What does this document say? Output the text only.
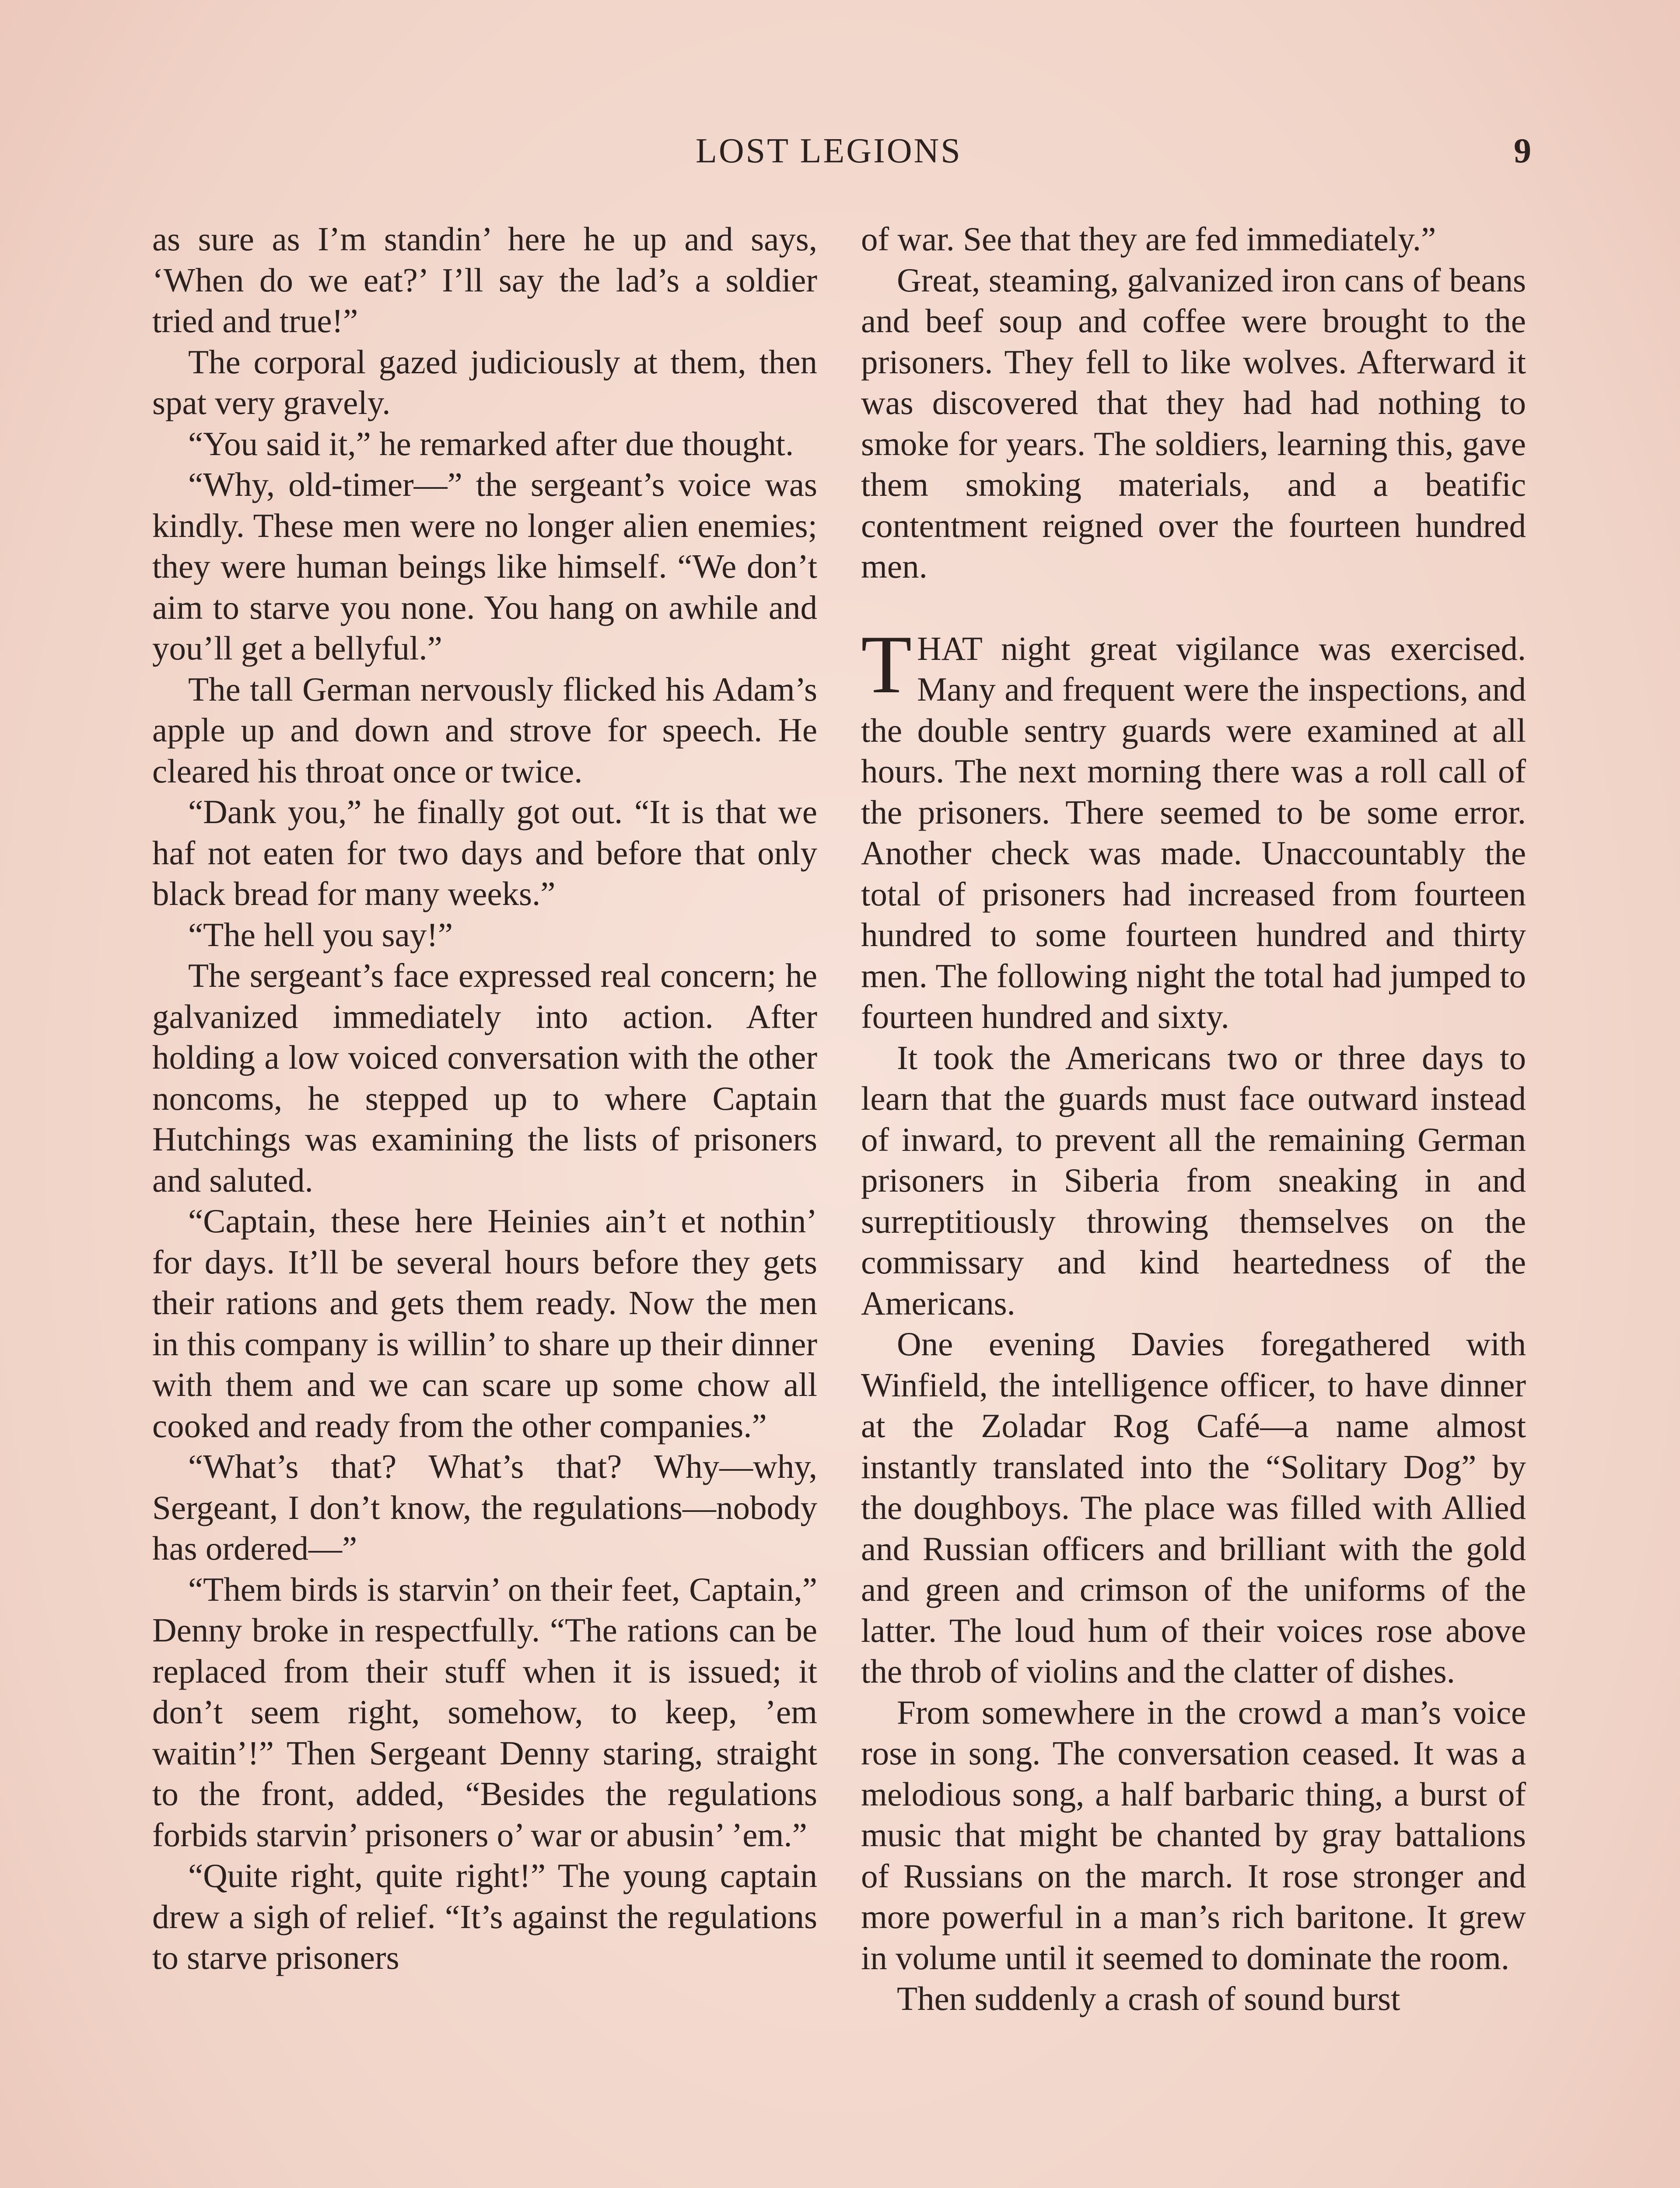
LOST LEGIONS	9

as sure as I’m standin’ here he up and says, ‘When do we eat?’ I’ll say the lad’s a soldier tried and true!”

The corporal gazed judiciously at them, then spat very gravely.

“You said it,” he remarked after due thought.

“Why, old-timer—” the sergeant’s voice was kindly. These men were no longer alien enemies; they were human beings like himself. “We don’t aim to starve you none. You hang on awhile and you’ll get a bellyful.”

The tall German nervously flicked his Adam’s apple up and down and strove for speech. He cleared his throat once or twice.

“Dank you,” he finally got out. “It is that we haf not eaten for two days and before that only black bread for many weeks.”

“The hell you say!”

The sergeant’s face expressed real concern; he galvanized immediately into action. After holding a low voiced conversation with the other noncoms, he stepped up to where Captain Hutchings was examining the lists of prisoners and saluted.

“Captain, these here Heinies ain’t et nothin’ for days. It’ll be several hours before they gets their rations and gets them ready. Now the men in this company is willin’ to share up their dinner with them and we can scare up some chow all cooked and ready from the other companies.”

“What’s that? What’s that? Why—why, Sergeant, I don’t know, the regulations—nobody has ordered—”

“Them birds is starvin’ on their feet, Captain,” Denny broke in respectfully. “The rations can be replaced from their stuff when it is issued; it don’t seem right, somehow, to keep, ’em waitin’!” Then Sergeant Denny staring, straight to the front, added, “Besides the regulations forbids starvin’ prisoners o’ war or abusin’ ’em.”

“Quite right, quite right!” The young captain drew a sigh of relief. “It’s against the regulations to starve prisoners

of war. See that they are fed immediately.”

Great, steaming, galvanized iron cans of beans and beef soup and coffee were brought to the prisoners. They fell to like wolves. Afterward it was discovered that they had had nothing to smoke for years. The soldiers, learning this, gave them smoking materials, and a beatific contentment reigned over the fourteen hundred men.

THAT night great vigilance was exercised. Many and frequent were the inspections, and the double sentry guards were examined at all hours. The next morning there was a roll call of the prisoners. There seemed to be some error. Another check was made. Unaccountably the total of prisoners had increased from fourteen hundred to some fourteen hundred and thirty men. The following night the total had jumped to fourteen hundred and sixty.

It took the Americans two or three days to learn that the guards must face outward instead of inward, to prevent all the remaining German prisoners in Siberia from sneaking in and surreptitiously throwing themselves on the commissary and kind heartedness of the Americans.

One evening Davies foregathered with Winfield, the intelligence officer, to have dinner at the Zoladar Rog Café—a name almost instantly translated into the “Solitary Dog” by the doughboys. The place was filled with Allied and Russian officers and brilliant with the gold and green and crimson of the uniforms of the latter. The loud hum of their voices rose above the throb of violins and the clatter of dishes.

From somewhere in the crowd a man’s voice rose in song. The conversation ceased. It was a melodious song, a half barbaric thing, a burst of music that might be chanted by gray battalions of Russians on the march. It rose stronger and more powerful in a man’s rich baritone. It grew in volume until it seemed to dominate the room.

Then suddenly a crash of sound burst
